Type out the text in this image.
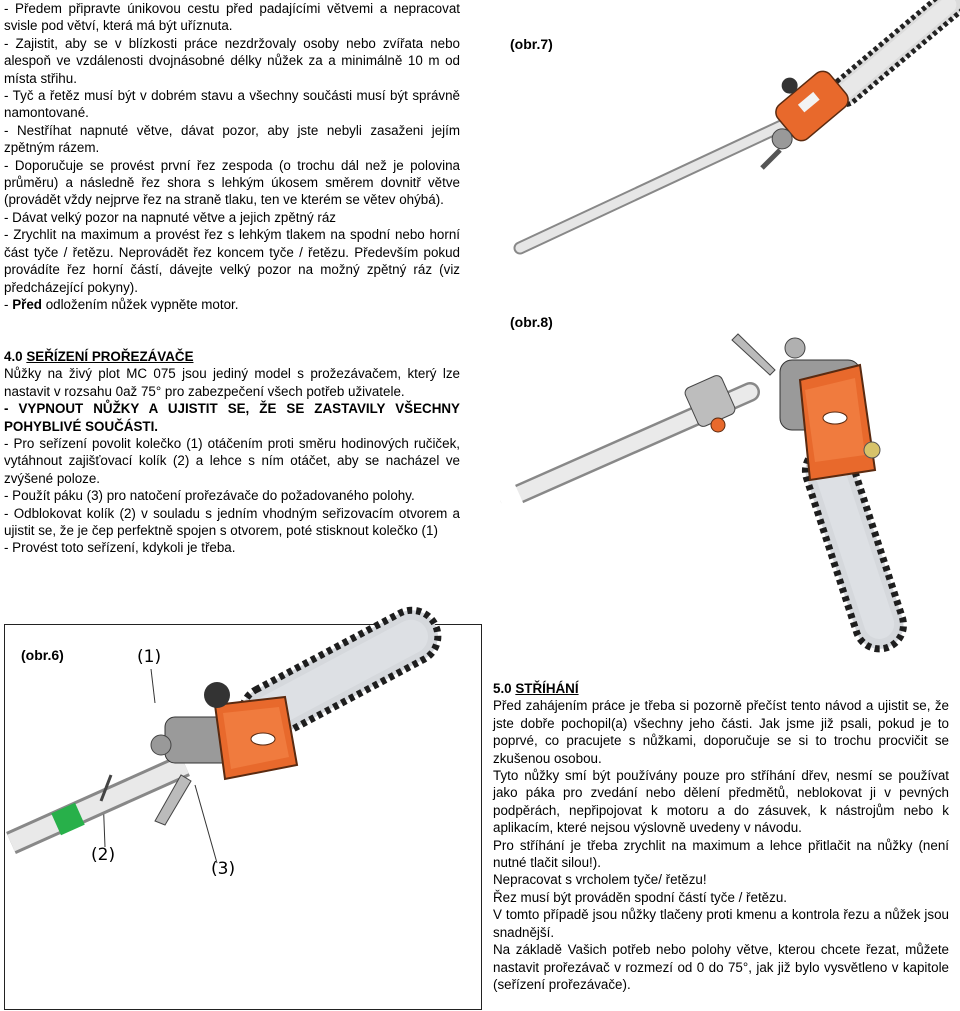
- Předem připravte únikovou cestu před padajícími větvemi a nepracovat svisle pod větví, která má být uříznuta.
- Zajistit, aby se v blízkosti práce nezdržovaly osoby nebo zvířata nebo alespoň ve vzdálenosti dvojnásobné délky nůžek za a minimálně 10 m od místa střihu.
- Tyč a řetěz musí být v dobrém stavu a všechny součásti musí být správně namontované.
- Nestříhat napnuté větve, dávat pozor, aby jste nebyli zasaženi jejím zpětným rázem.
- Doporučuje se provést první řez zespoda (o trochu dál než je polovina průměru) a následně řez shora s lehkým úkosem směrem dovnitř větve (provádět vždy nejprve řez na straně tlaku, ten ve kterém se větev ohýbá).
- Dávat velký pozor na napnuté větve a jejich zpětný ráz
- Zrychlit na maximum a provést řez s lehkým tlakem na spodní nebo horní část tyče / řetězu. Neprovádět řez koncem tyče / řetězu. Především pokud provádíte řez horní částí, dávejte velký pozor na možný zpětný ráz (viz předcházející pokyny).
- Před odložením nůžek vypněte motor.
4.0 SEŘÍZENÍ PROŘEZÁVAČE
Nůžky na živý plot MC 075 jsou jediný model s prožezávačem, který lze nastavit v rozsahu 0až 75° pro zabezpečení všech potřeb uživatele.
- VYPNOUT NŮŽKY A UJISTIT SE, ŽE SE ZASTAVILY VŠECHNY POHYBLIVÉ SOUČÁSTI.
- Pro seřízení povolit kolečko (1) otáčením proti směru hodinových ručiček, vytáhnout zajišťovací kolík (2) a lehce s ním otáčet, aby se nacházel ve zvýšené poloze.
- Použít páku (3) pro natočení prořezávače do požadovaného polohy.
- Odblokovat kolík (2) v souladu s jedním vhodným seřizovacím otvorem a ujistit se, že je čep perfektně spojen s otvorem, poté stisknout kolečko (1)
- Provést toto seřízení, kdykoli je třeba.
(obr.7)
(obr.8)
(obr.6)	(1)
(2)
(3)
5.0 STŘÍHÁNÍ
Před zahájením práce je třeba si pozorně přečíst tento návod a ujistit se, že jste dobře pochopil(a) všechny jeho části. Jak jsme již psali, pokud je to poprvé, co pracujete s nůžkami, doporučuje se si to trochu procvičit se zkušenou osobou.
Tyto nůžky smí být používány pouze pro stříhání dřev, nesmí se používat jako páka pro zvedání nebo dělení předmětů, neblokovat ji v pevných podpěrách, nepřipojovat k motoru a do zásuvek, k nástrojům nebo k aplikacím, které nejsou výslovně uvedeny v návodu.
Pro stříhání je třeba zrychlit na maximum a lehce přitlačit na nůžky (není nutné tlačit silou!).
Nepracovat s vrcholem tyče/ řetězu!
Řez musí být prováděn spodní částí tyče / řetězu.
V tomto případě jsou nůžky tlačeny proti kmenu a kontrola řezu a nůžek jsou snadnější.
Na základě Vašich potřeb nebo polohy větve, kterou chcete řezat, můžete nastavit prořezávač v rozmezí od 0 do 75°, jak již bylo vysvětleno v kapitole (seřízení prořezávače).
